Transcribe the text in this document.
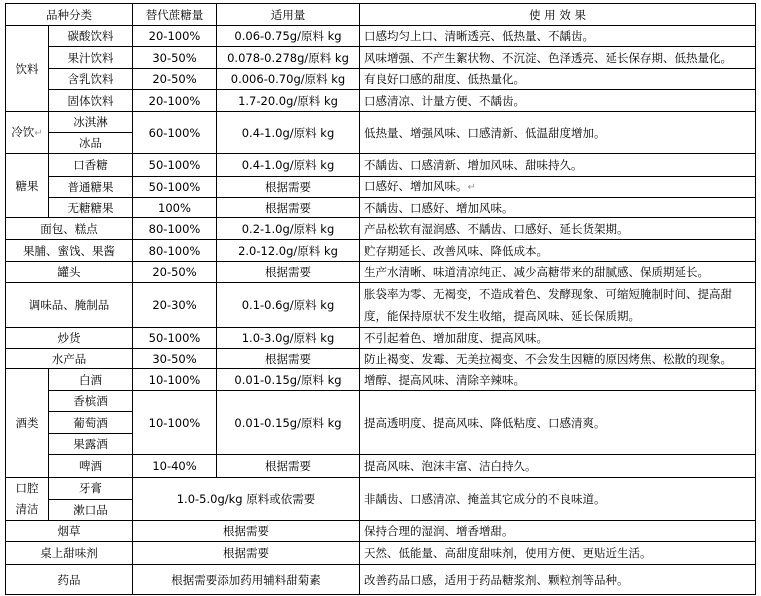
品种分类		替代蔗糖量	适用量	使 用 效 果
饮料	碳酸饮料	20-100%	0.06-0.75g/原料 kg	口感均匀上口、清晰透亮、低热量、不龋齿。
	果汁饮料	30-50%	0.078-0.278g/原料 kg	风味增强、不产生絮状物、不沉淀、色泽透亮、延长保存期、低热量化。
	含乳饮料	20-50%	0.006-0.70g/原料 kg	有良好口感的甜度、低热量化。
	固体饮料	20-100%	1.7-20.0g/原料 kg	口感清凉、计量方便、不龋齿。
冷饮↵	冰淇淋	60-100%	0.4-1.0g/原料 kg	低热量、增强风味、口感清新、低温甜度增加。
	冰品			
糖果	口香糖	50-100%	0.4-1.0g/原料 kg	不龋齿、口感清新、增加风味、甜味持久。
	普通糖果	50-100%	根据需要	口感好、增加风味。↵
	无糖糖果	100%	根据需要	不龋齿、口感好、增加风味。
面包、糕点		80-100%	0.2-1.0g/原料 kg	产品松软有湿润感、不龋齿、口感好、延长货架期。
果脯、蜜饯、果酱		80-100%	2.0-12.0g/原料 kg	贮存期延长、改善风味、降低成本。
罐头		20-50%	根据需要	生产水清晰、味道清凉纯正、减少高糖带来的甜腻感、保质期延长。
调味品、腌制品		20-30%	0.1-0.6g/原料 kg	胀袋率为零、无褐变，不造成着色、发酵现象、可缩短腌制时间、提高甜度，能保持原状不发生收缩，提高风味、延长保质期。
炒货		50-100%	1.0-3.0g/原料 kg	不引起着色、增加甜度、提高风味。
水产品		30-50%	根据需要	防止褐变、发霉、无美拉褐变、不会发生因糖的原因烤焦、松散的现象。
酒类	白酒	10-100%	0.01-0.15g/原料 kg	增醇、提高风味、清除辛辣味。
	香槟酒	10-100%	0.01-0.15g/原料 kg	提高透明度、提高风味、降低粘度、口感清爽。
	葡萄酒			
	果露酒			
	啤酒	10-40%	根据需要	提高风味、泡沫丰富、洁白持久。
口腔清洁	牙膏	1.0-5.0g/kg 原料或依需要		非龋齿、口感清凉、掩盖其它成分的不良味道。
	漱口品			
烟草		根据需要		保持合理的湿润、增香增甜。
桌上甜味剂		根据需要		天然、低能量、高甜度甜味剂，使用方便、更贴近生活。
药品		根据需要添加药用辅料甜菊素		改善药品口感，适用于药品糖浆剂、颗粒剂等品种。
